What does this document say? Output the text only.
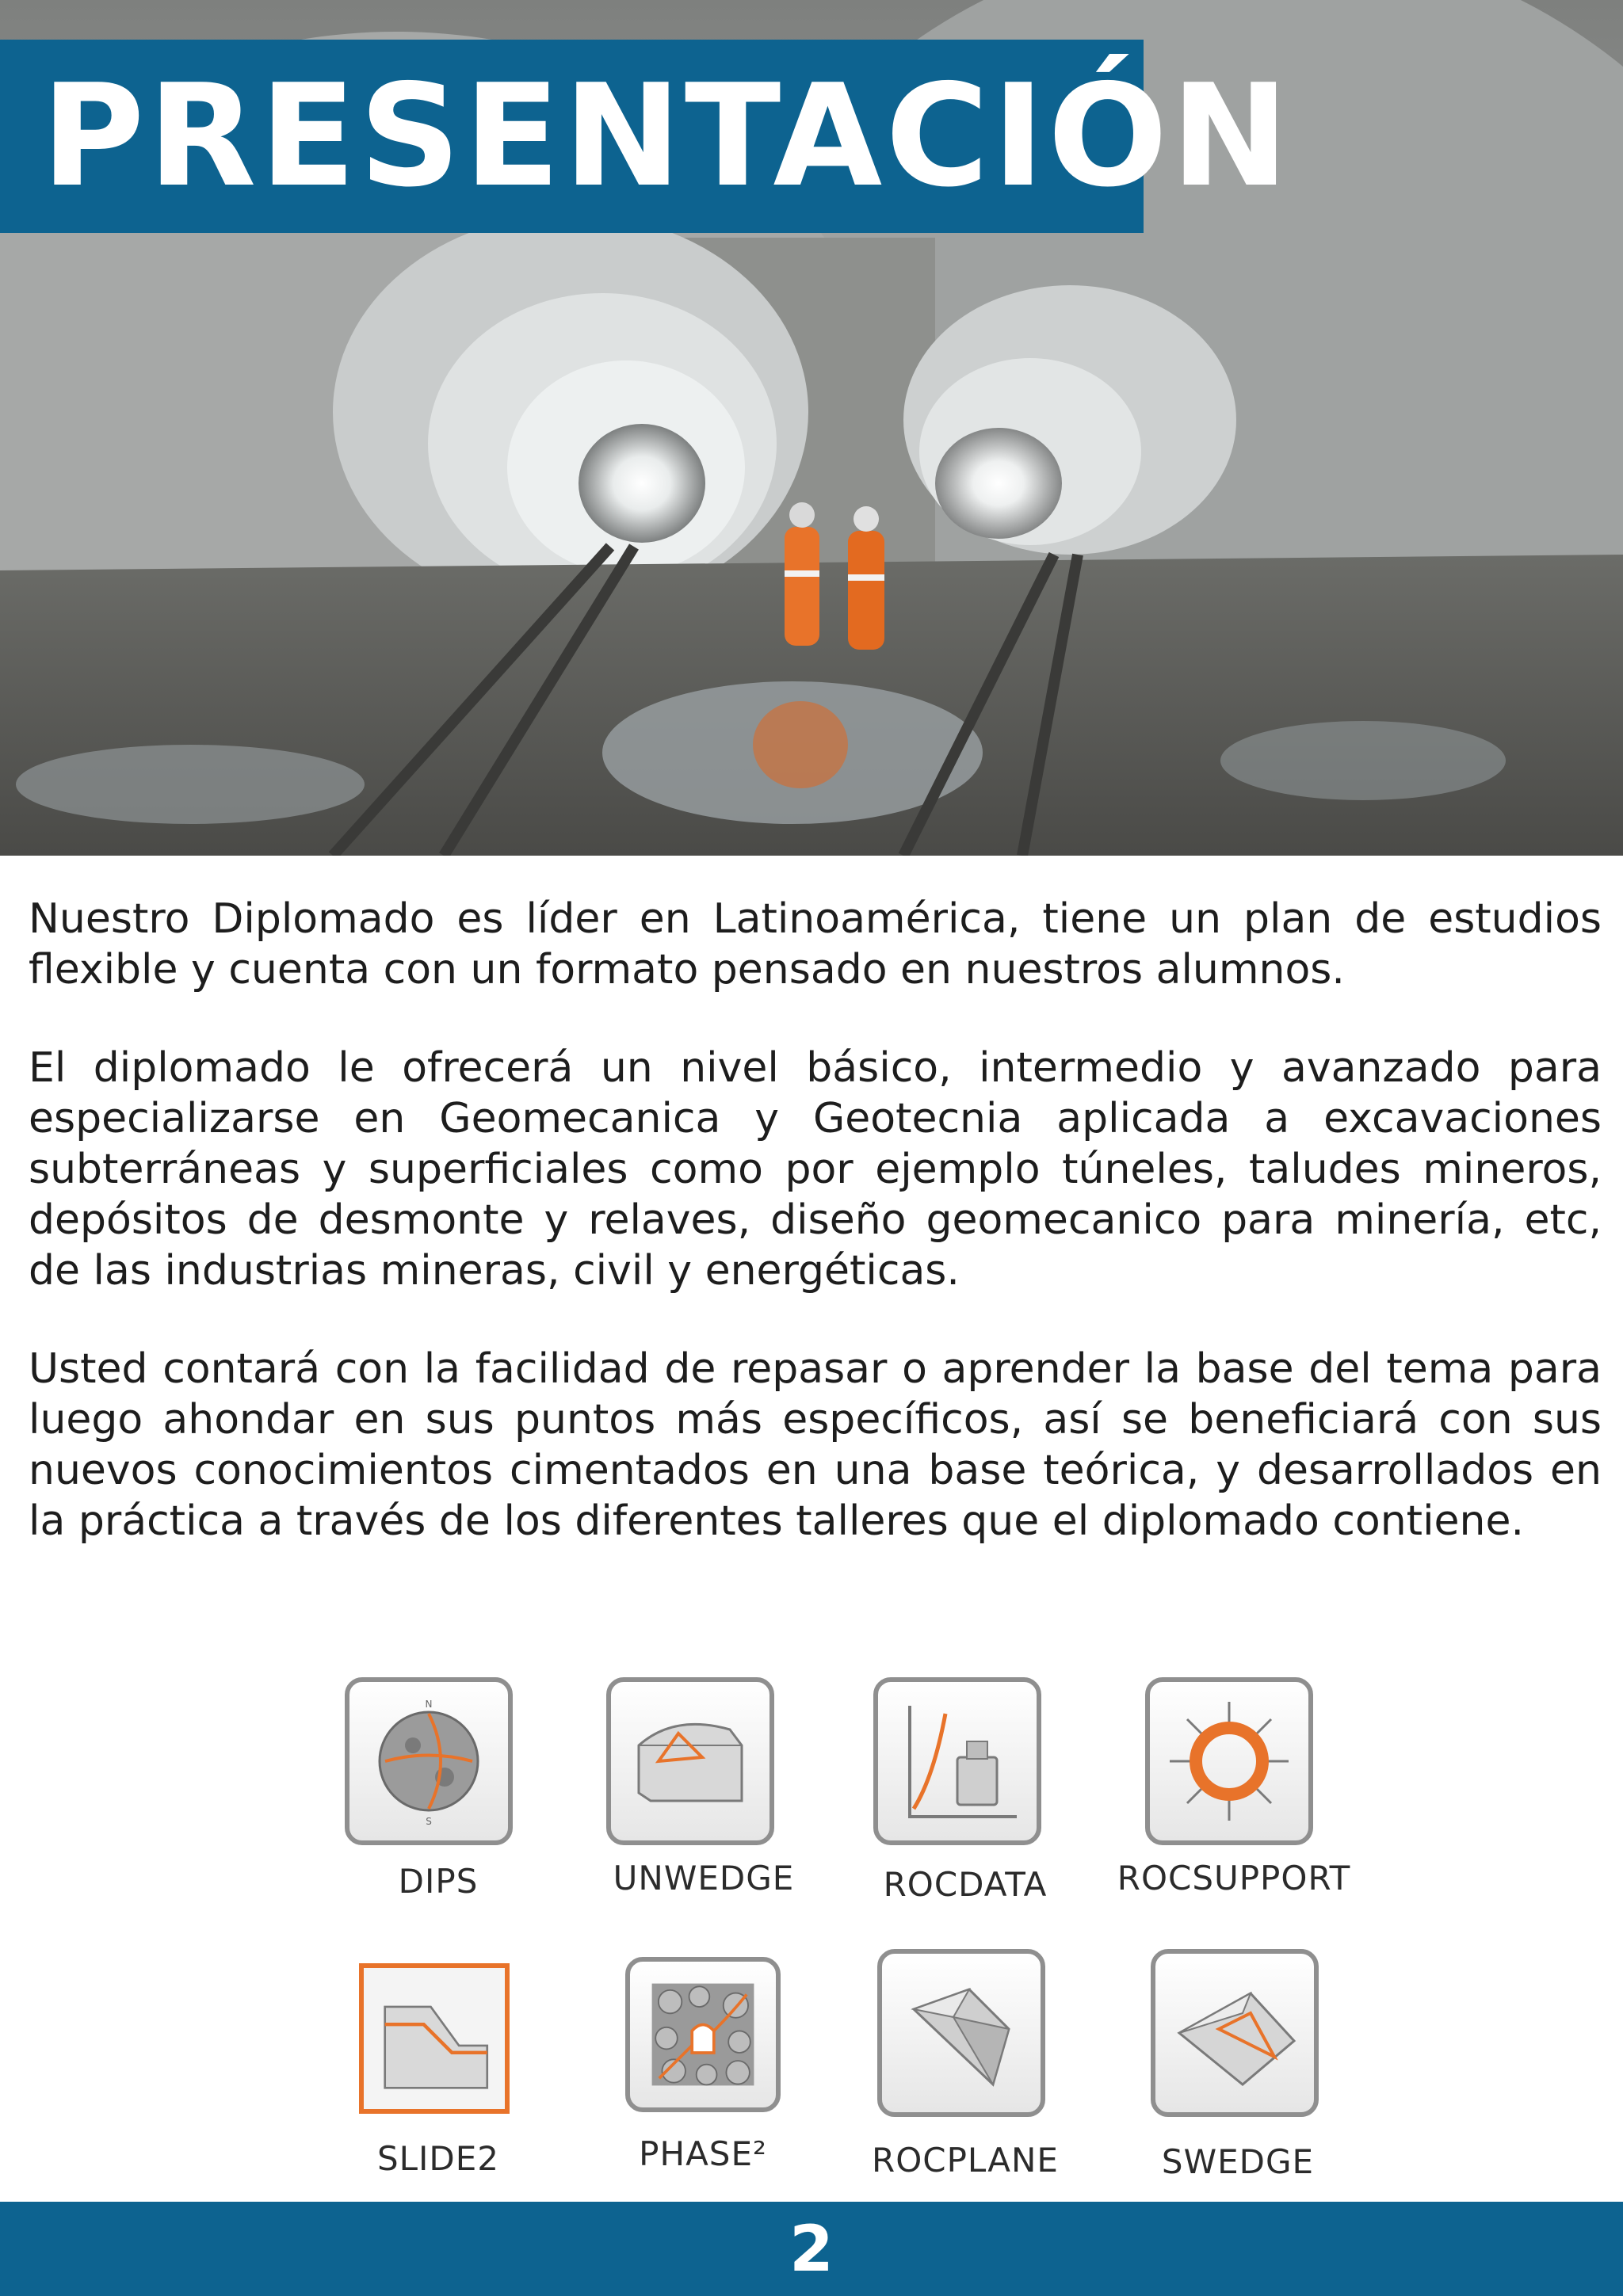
PRESENTACIÓN

Nuestro Diplomado es líder en Latinoamérica, tiene un plan de estudios flexible y cuenta con un formato pensado en nuestros alumnos.

El diplomado le ofrecerá un nivel básico, intermedio y avanzado para especializarse en Geomecanica y Geotecnia aplicada a excavaciones subterráneas y superficiales como por ejemplo túneles, taludes mineros, depósitos de desmonte y relaves, diseño geomecanico para minería, etc, de las industrias mineras, civil y energéticas.

Usted contará con la facilidad de repasar o aprender la base del tema para luego ahondar en sus puntos más específicos, así se beneficiará con sus nuevos conocimientos cimentados en una base teórica, y desarrollados en la práctica a través de los diferentes talleres que el diplomado contiene.

N
S
DIPS	UNWEDGE	ROCDATA	ROCSUPPORT
SLIDE2	PHASE²	ROCPLANE	SWEDGE
2
